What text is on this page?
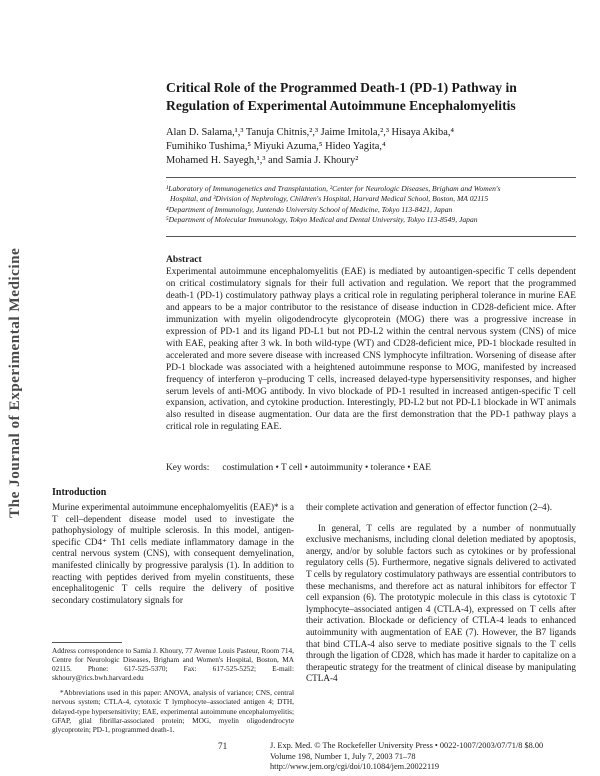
The Journal of Experimental Medicine
Critical Role of the Programmed Death-1 (PD-1) Pathway in
Regulation of Experimental Autoimmune Encephalomyelitis
Alan D. Salama,¹,³ Tanuja Chitnis,²,³ Jaime Imitola,²,³ Hisaya Akiba,⁴
Fumihiko Tushima,⁵ Miyuki Azuma,⁵ Hideo Yagita,⁴
Mohamed H. Sayegh,¹,³ and Samia J. Khoury²
¹Laboratory of Immunogenetics and Transplantation, ²Center for Neurologic Diseases, Brigham and Women's
Hospital, and ³Division of Nephrology, Children's Hospital, Harvard Medical School, Boston, MA 02115
⁴Department of Immunology, Juntendo University School of Medicine, Tokyo 113-8421, Japan
⁵Department of Molecular Immunology, Tokyo Medical and Dental University, Tokyo 113-8549, Japan
Abstract
Experimental autoimmune encephalomyelitis (EAE) is mediated by autoantigen-specific T cells dependent on critical costimulatory signals for their full activation and regulation. We report that the programmed death-1 (PD-1) costimulatory pathway plays a critical role in regulating peripheral tolerance in murine EAE and appears to be a major contributor to the resistance of disease induction in CD28-deficient mice. After immunization with myelin oligodendrocyte glycoprotein (MOG) there was a progressive increase in expression of PD-1 and its ligand PD-L1 but not PD-L2 within the central nervous system (CNS) of mice with EAE, peaking after 3 wk. In both wild-type (WT) and CD28-deficient mice, PD-1 blockade resulted in accelerated and more severe disease with increased CNS lymphocyte infiltration. Worsening of disease after PD-1 blockade was associated with a heightened autoimmune response to MOG, manifested by increased frequency of interferon γ–producing T cells, increased delayed-type hypersensitivity responses, and higher serum levels of anti-MOG antibody. In vivo blockade of PD-1 resulted in increased antigen-specific T cell expansion, activation, and cytokine production. Interestingly, PD-L2 but not PD-L1 blockade in WT animals also resulted in disease augmentation. Our data are the first demonstration that the PD-1 pathway plays a critical role in regulating EAE.
Key words: costimulation • T cell • autoimmunity • tolerance • EAE
Introduction
Murine experimental autoimmune encephalomyelitis (EAE)* is a T cell–dependent disease model used to investigate the pathophysiology of multiple sclerosis. In this model, antigen-specific CD4⁺ Th1 cells mediate inflammatory damage in the central nervous system (CNS), with consequent demyelination, manifested clinically by progressive paralysis (1). In addition to reacting with peptides derived from myelin constituents, these encephalitogenic T cells require the delivery of positive secondary costimulatory signals for

their complete activation and generation of effector function (2–4).

In general, T cells are regulated by a number of nonmutually exclusive mechanisms, including clonal deletion mediated by apoptosis, anergy, and/or by soluble factors such as cytokines or by professional regulatory cells (5). Furthermore, negative signals delivered to activated T cells by regulatory costimulatory pathways are essential contributors to these mechanisms, and therefore act as natural inhibitors for effector T cell expansion (6). The prototypic molecule in this class is cytotoxic T lymphocyte–associated antigen 4 (CTLA-4), expressed on T cells after their activation. Blockade or deficiency of CTLA-4 leads to enhanced autoimmunity with augmentation of EAE (7). However, the B7 ligands that bind CTLA-4 also serve to mediate positive signals to the T cells through the ligation of CD28, which has made it harder to capitalize on a therapeutic strategy for the treatment of clinical disease by manipulating CTLA-4

Address correspondence to Samia J. Khoury, 77 Avenue Louis Pasteur, Room 714, Centre for Neurologic Diseases, Brigham and Women's Hospital, Boston, MA 02115. Phone: 617-525-5370; Fax: 617-525-5252; E-mail: skhoury@rics.bwh.harvard.edu

*Abbreviations used in this paper: ANOVA, analysis of variance; CNS, central nervous system; CTLA-4, cytotoxic T lymphocyte–associated antigen 4; DTH, delayed-type hypersensitivity; EAE, experimental autoimmune encephalomyelitis; GFAP, glial fibrillar-associated protein; MOG, myelin oligodendrocyte glycoprotein; PD-1, programmed death-1.

71	J. Exp. Med. © The Rockefeller University Press • 0022-1007/2003/07/71/8 $8.00
Volume 198, Number 1, July 7, 2003 71–78
http://www.jem.org/cgi/doi/10.1084/jem.20022119
